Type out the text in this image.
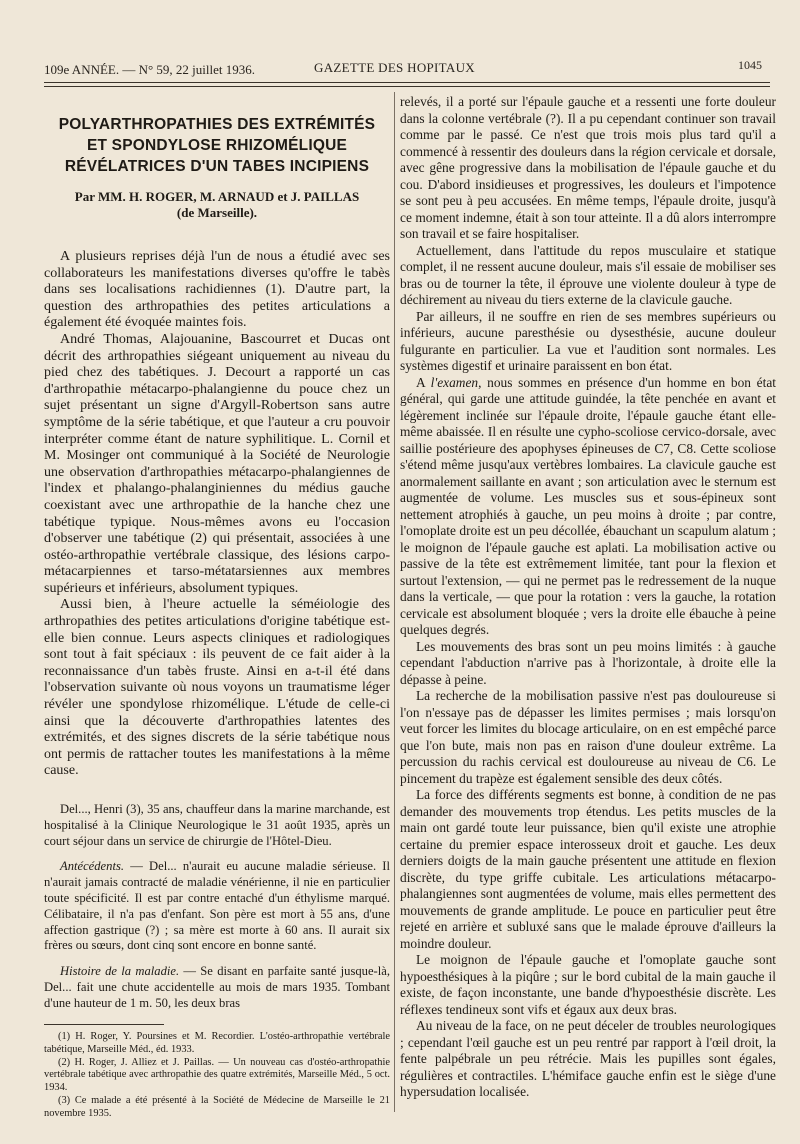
109e ANNÉE. — N° 59, 22 juillet 1936.	GAZETTE DES HOPITAUX	1045
POLYARTHROPATHIES DES EXTRÉMITÉS
ET SPONDYLOSE RHIZOMÉLIQUE
RÉVÉLATRICES D'UN TABES INCIPIENS
Par MM. H. ROGER, M. ARNAUD et J. PAILLAS
(de Marseille).

A plusieurs reprises déjà l'un de nous a étudié avec ses collaborateurs les manifestations diverses qu'offre le tabès dans ses localisations rachidiennes (1). D'autre part, la question des arthropathies des petites articulations a également été évoquée maintes fois.

André Thomas, Alajouanine, Bascourret et Ducas ont décrit des arthropathies siégeant uniquement au niveau du pied chez des tabétiques. J. Decourt a rapporté un cas d'arthropathie métacarpo-phalangienne du pouce chez un sujet présentant un signe d'Argyll-Robertson sans autre symptôme de la série tabétique, et que l'auteur a cru pouvoir interpréter comme étant de nature syphilitique. L. Cornil et M. Mosinger ont communiqué à la Société de Neurologie une observation d'arthropathies métacarpo-phalangiennes de l'index et phalango-phalanginiennes du médius gauche coexistant avec une arthropathie de la hanche chez une tabétique typique. Nous-mêmes avons eu l'occasion d'observer une tabétique (2) qui présentait, associées à une ostéo-arthropathie vertébrale classique, des lésions carpo-métacarpiennes et tarso-métatarsiennes aux membres supérieurs et inférieurs, absolument typiques.

Aussi bien, à l'heure actuelle la séméiologie des arthropathies des petites articulations d'origine tabétique est-elle bien connue. Leurs aspects cliniques et radiologiques sont tout à fait spéciaux : ils peuvent de ce fait aider à la reconnaissance d'un tabès fruste. Ainsi en a-t-il été dans l'observation suivante où nous voyons un traumatisme léger révéler une spondylose rhizomélique. L'étude de celle-ci ainsi que la découverte d'arthropathies latentes des extrémités, et des signes discrets de la série tabétique nous ont permis de rattacher toutes les manifestations à la même cause.

Del..., Henri (3), 35 ans, chauffeur dans la marine marchande, est hospitalisé à la Clinique Neurologique le 31 août 1935, après un court séjour dans un service de chirurgie de l'Hôtel-Dieu.

Antécédents. — Del... n'aurait eu aucune maladie sérieuse. Il n'aurait jamais contracté de maladie vénérienne, il nie en particulier toute spécificité. Il est par contre entaché d'un éthylisme marqué. Célibataire, il n'a pas d'enfant. Son père est mort à 55 ans, d'une affection gastrique (?) ; sa mère est morte à 60 ans. Il aurait six frères ou sœurs, dont cinq sont encore en bonne santé.

Histoire de la maladie. — Se disant en parfaite santé jusque-là, Del... fait une chute accidentelle au mois de mars 1935. Tombant d'une hauteur de 1 m. 50, les deux bras

(1) H. Roger, Y. Poursines et M. Recordier. L'ostéo-arthropathie vertébrale tabétique, Marseille Méd., éd. 1933.

(2) H. Roger, J. Alliez et J. Paillas. — Un nouveau cas d'ostéo-arthropathie vertébrale tabétique avec arthropathie des quatre extrémités, Marseille Méd., 5 oct. 1934.

(3) Ce malade a été présenté à la Société de Médecine de Marseille le 21 novembre 1935.

relevés, il a porté sur l'épaule gauche et a ressenti une forte douleur dans la colonne vertébrale (?). Il a pu cependant continuer son travail comme par le passé. Ce n'est que trois mois plus tard qu'il a commencé à ressentir des douleurs dans la région cervicale et dorsale, avec gêne progressive dans la mobilisation de l'épaule gauche et du cou. D'abord insidieuses et progressives, les douleurs et l'impotence se sont peu à peu accusées. En même temps, l'épaule droite, jusqu'à ce moment indemne, était à son tour atteinte. Il a dû alors interrompre son travail et se faire hospitaliser.

Actuellement, dans l'attitude du repos musculaire et statique complet, il ne ressent aucune douleur, mais s'il essaie de mobiliser ses bras ou de tourner la tête, il éprouve une violente douleur à type de déchirement au niveau du tiers externe de la clavicule gauche.

Par ailleurs, il ne souffre en rien de ses membres supérieurs ou inférieurs, aucune paresthésie ou dysesthésie, aucune douleur fulgurante en particulier. La vue et l'audition sont normales. Les systèmes digestif et urinaire paraissent en bon état.

A l'examen, nous sommes en présence d'un homme en bon état général, qui garde une attitude guindée, la tête penchée en avant et légèrement inclinée sur l'épaule droite, l'épaule gauche étant elle-même abaissée. Il en résulte une cypho-scoliose cervico-dorsale, avec saillie postérieure des apophyses épineuses de C7, C8. Cette scoliose s'étend même jusqu'aux vertèbres lombaires. La clavicule gauche est anormalement saillante en avant ; son articulation avec le sternum est augmentée de volume. Les muscles sus et sous-épineux sont nettement atrophiés à gauche, un peu moins à droite ; par contre, l'omoplate droite est un peu décollée, ébauchant un scapulum alatum ; le moignon de l'épaule gauche est aplati. La mobilisation active ou passive de la tête est extrêmement limitée, tant pour la flexion et surtout l'extension, — qui ne permet pas le redressement de la nuque dans la verticale, — que pour la rotation : vers la gauche, la rotation cervicale est absolument bloquée ; vers la droite elle ébauche à peine quelques degrés.

Les mouvements des bras sont un peu moins limités : à gauche cependant l'abduction n'arrive pas à l'horizontale, à droite elle la dépasse à peine.

La recherche de la mobilisation passive n'est pas douloureuse si l'on n'essaye pas de dépasser les limites permises ; mais lorsqu'on veut forcer les limites du blocage articulaire, on en est empêché parce que l'on bute, mais non pas en raison d'une douleur extrême. La percussion du rachis cervical est douloureuse au niveau de C6. Le pincement du trapèze est également sensible des deux côtés.

La force des différents segments est bonne, à condition de ne pas demander des mouvements trop étendus. Les petits muscles de la main ont gardé toute leur puissance, bien qu'il existe une atrophie certaine du premier espace interosseux droit et gauche. Les deux derniers doigts de la main gauche présentent une attitude en flexion discrète, du type griffe cubitale. Les articulations métacarpo-phalangiennes sont augmentées de volume, mais elles permettent des mouvements de grande amplitude. Le pouce en particulier peut être rejeté en arrière et subluxé sans que le malade éprouve d'ailleurs la moindre douleur.

Le moignon de l'épaule gauche et l'omoplate gauche sont hypoesthésiques à la piqûre ; sur le bord cubital de la main gauche il existe, de façon inconstante, une bande d'hypoesthésie discrète. Les réflexes tendineux sont vifs et égaux aux deux bras.

Au niveau de la face, on ne peut déceler de troubles neurologiques ; cependant l'œil gauche est un peu rentré par rapport à l'œil droit, la fente palpébrale un peu rétrécie. Mais les pupilles sont égales, régulières et contractiles. L'hémiface gauche enfin est le siège d'une hypersudation localisée.
